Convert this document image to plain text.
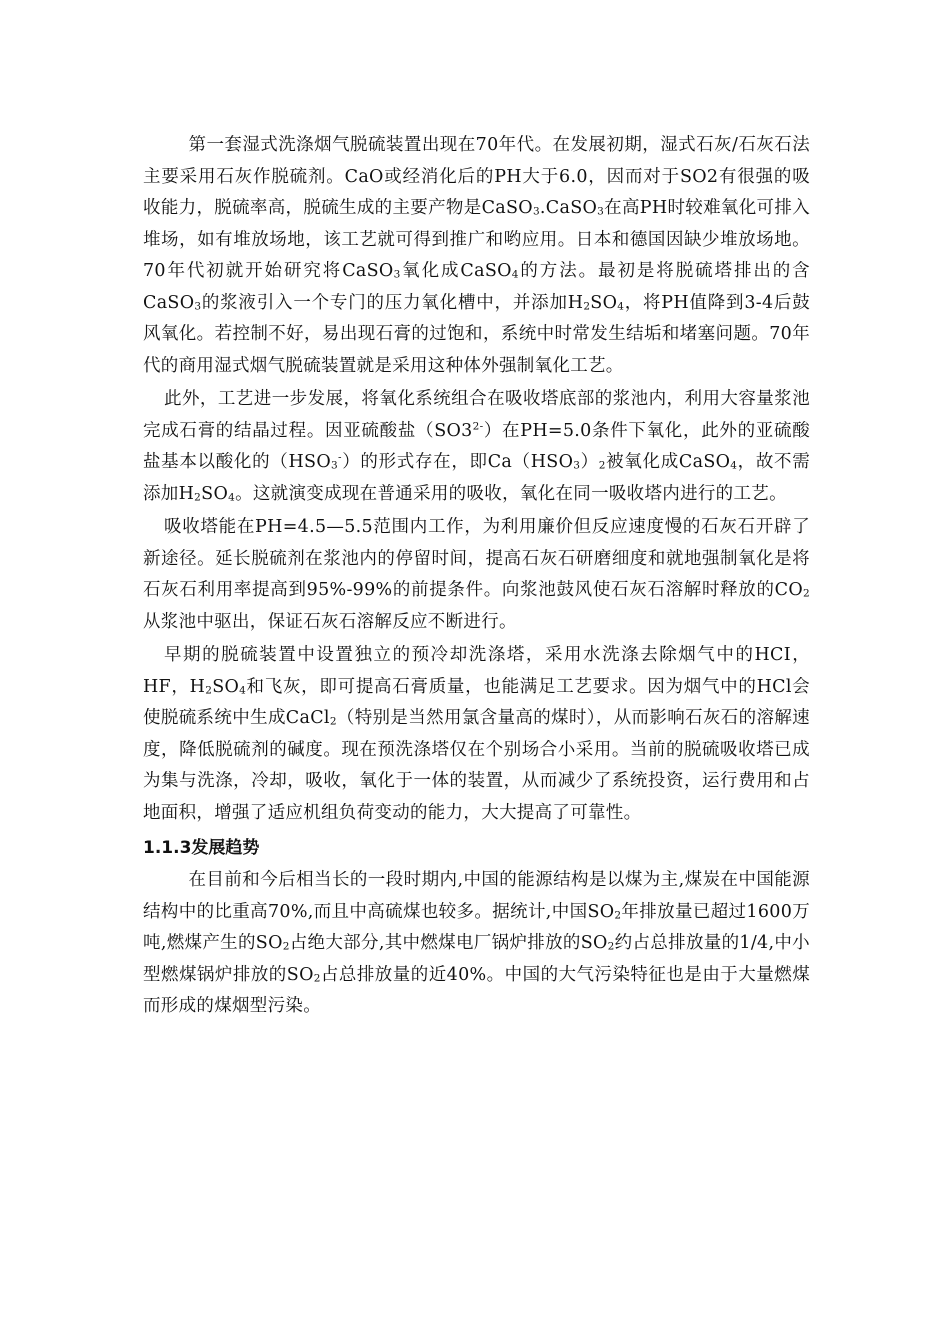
第一套湿式洗涤烟气脱硫装置出现在70年代。在发展初期，湿式石灰/石灰石法主要采用石灰作脱硫剂。CaO或经消化后的PH大于6.0，因而对于SO2有很强的吸收能力，脱硫率高，脱硫生成的主要产物是CaSO$_3$.CaSO$_3$在高PH时较难氧化可排入堆场，如有堆放场地，该工艺就可得到推广和哟应用。日本和德国因缺少堆放场地。70年代初就开始研究将CaSO$_3$氧化成CaSO$_4$的方法。最初是将脱硫塔排出的含CaSO$_3$的浆液引入一个专门的压力氧化槽中，并添加$H_2SO_4$，将PH值降到3-4后鼓风氧化。若控制不好，易出现石膏的过饱和，系统中时常发生结垢和堵塞问题。70年代的商用湿式烟气脱硫装置就是采用这种体外强制氧化工艺。

此外，工艺进一步发展，将氧化系统组合在吸收塔底部的浆池内，利用大容量浆池完成石膏的结晶过程。因亚硫酸盐$(SO3^{2-})$在PH=5.0条件下氧化，此外的亚硫酸盐基本以酸化的$(HSO_3^-)$的形式存在，即$Ca(HSO_3)_2$被氧化成CaSO$_4$，故不需添加$H_2SO_4$。这就演变成现在普通采用的吸收，氧化在同一吸收塔内进行的工艺。

吸收塔能在PH=4.5—5.5范围内工作，为利用廉价但反应速度慢的石灰石开辟了新途径。延长脱硫剂在浆池内的停留时间，提高石灰石研磨细度和就地强制氧化是将石灰石利用率提高到95%-99%的前提条件。向浆池鼓风使石灰石溶解时释放的$CO_2$从浆池中驱出，保证石灰石溶解反应不断进行。

早期的脱硫装置中设置独立的预冷却洗涤塔，采用水洗涤去除烟气中的HCI，HF，$H_2SO_4$和飞灰，即可提高石膏质量，也能满足工艺要求。因为烟气中的HCl会使脱硫系统中生成CaCl$_2$（特别是当然用氯含量高的煤时），从而影响石灰石的溶解速度，降低脱硫剂的碱度。现在预洗涤塔仅在个别场合小采用。当前的脱硫吸收塔已成为集与洗涤，冷却，吸收，氧化于一体的装置，从而减少了系统投资，运行费用和占地面积，增强了适应机组负荷变动的能力，大大提高了可靠性。

1.1.3发展趋势

在目前和今后相当长的一段时期内,中国的能源结构是以煤为主,煤炭在中国能源结构中的比重高70%,而且中高硫煤也较多。据统计,中国$SO_2$年排放量已超过1600万吨,燃煤产生的$SO_2$占绝大部分,其中燃煤电厂锅炉排放的$SO_2$约占总排放量的1/4,中小型燃煤锅炉排放的$SO_2$占总排放量的近40%。中国的大气污染特征也是由于大量燃煤而形成的煤烟型污染。
